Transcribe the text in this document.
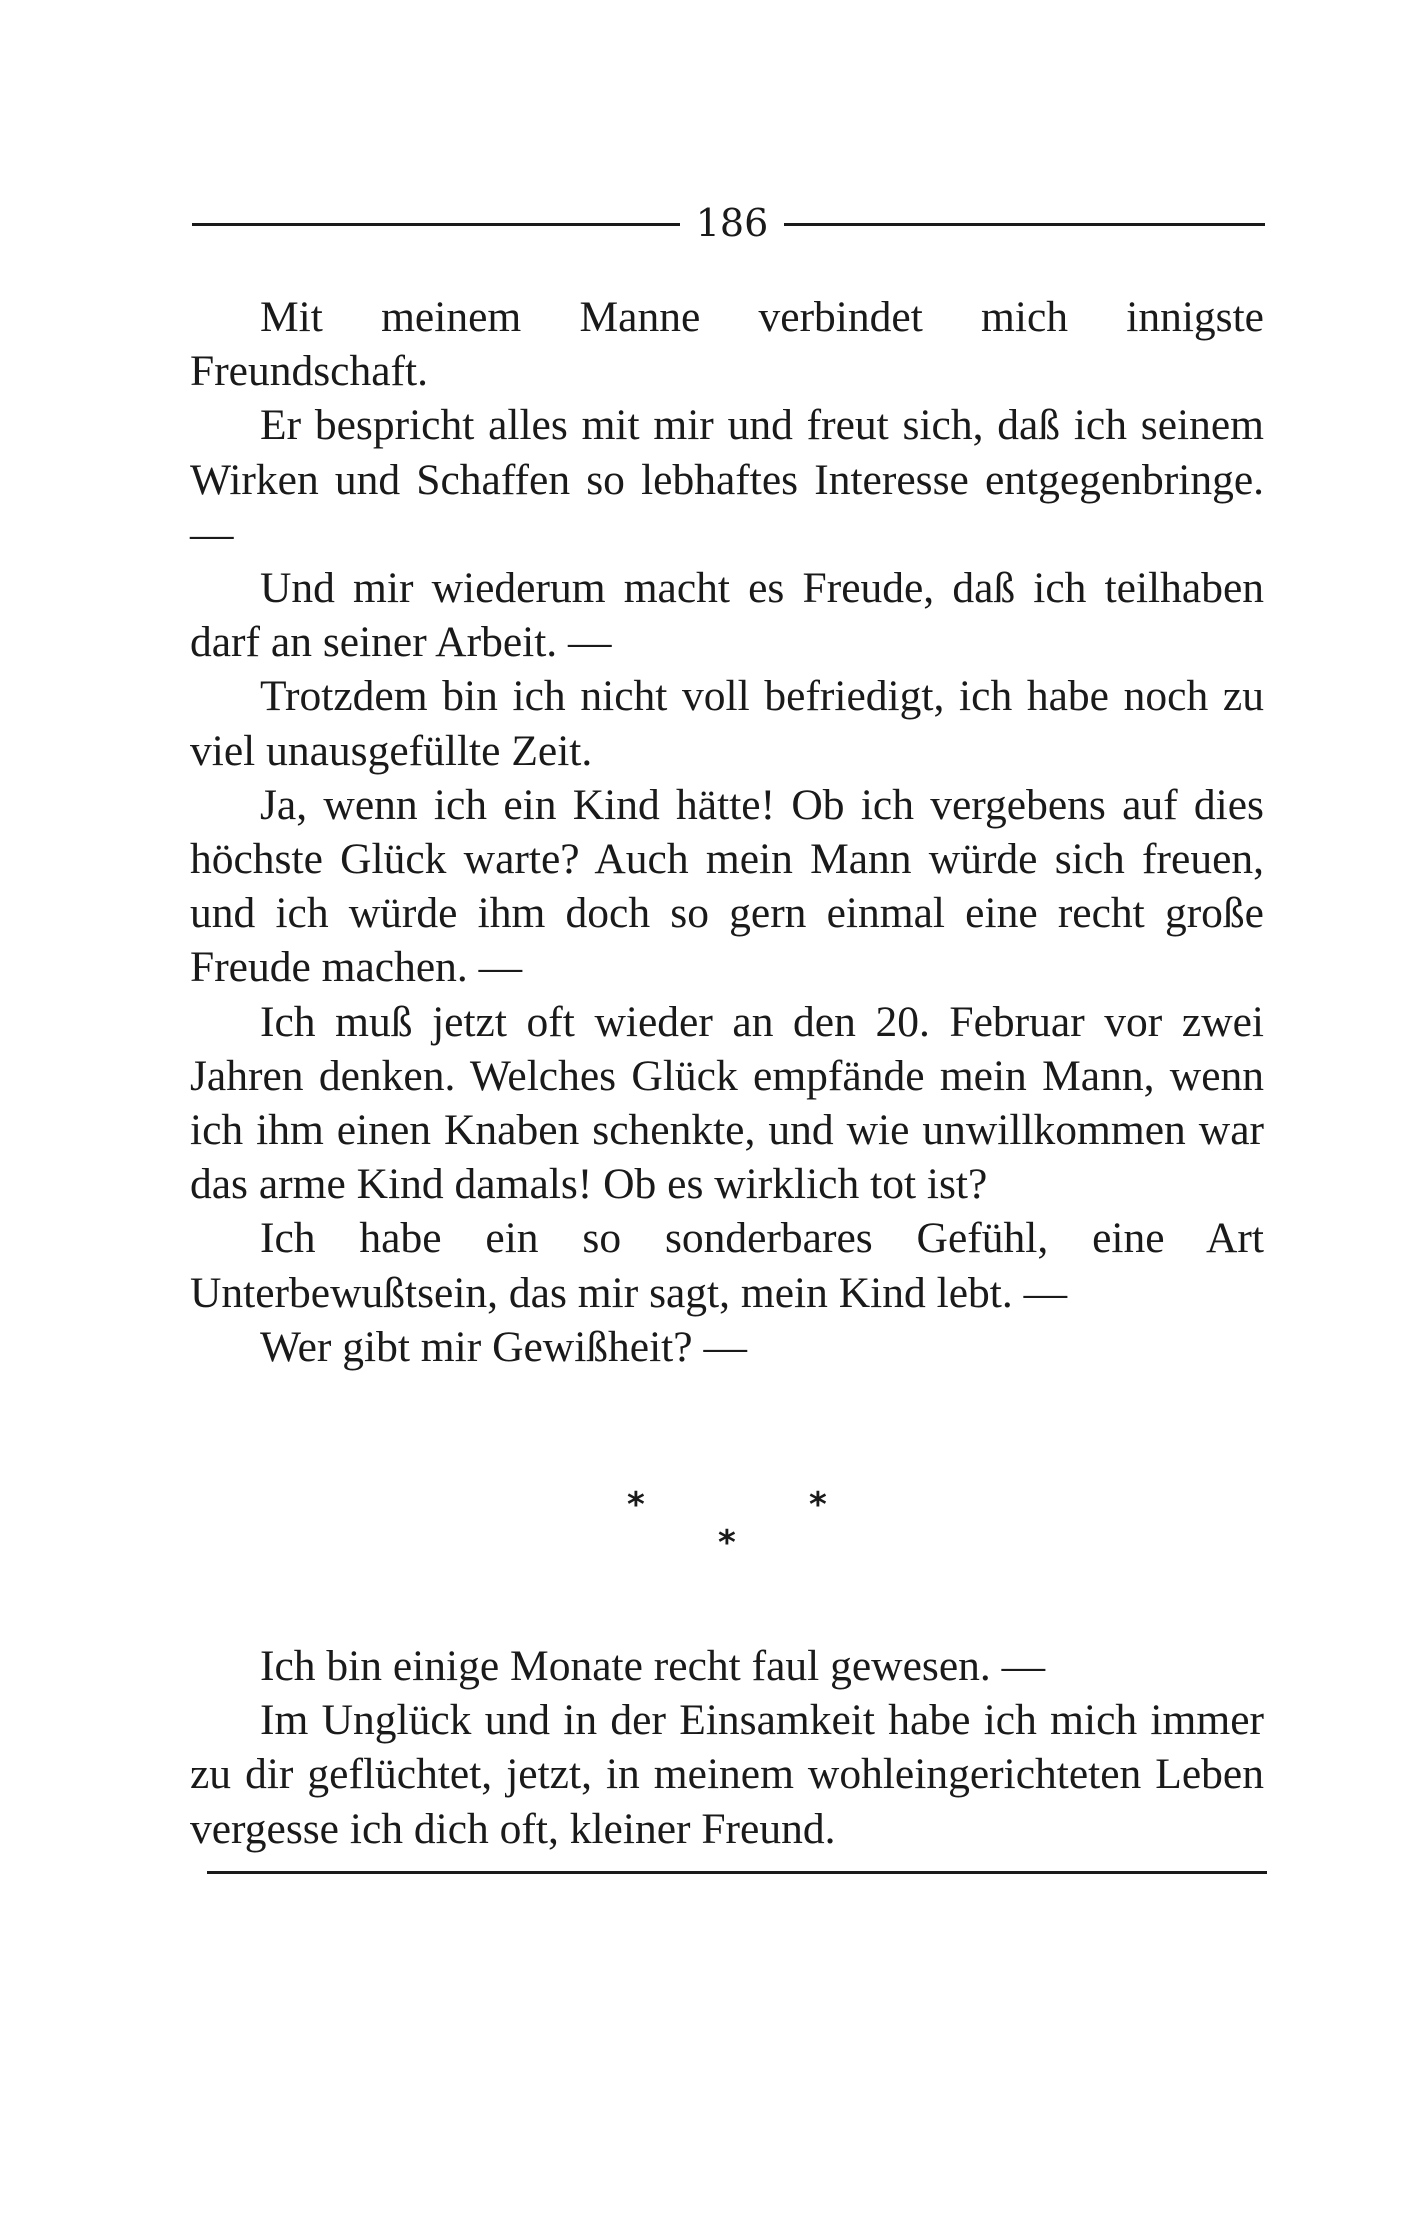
186

Mit meinem Manne verbindet mich innigste Freundschaft.

Er bespricht alles mit mir und freut sich, daß ich seinem Wirken und Schaffen so lebhaftes Interesse entgegenbringe. —

Und mir wiederum macht es Freude, daß ich teilhaben darf an seiner Arbeit. —

Trotzdem bin ich nicht voll befriedigt, ich habe noch zu viel unausgefüllte Zeit.

Ja, wenn ich ein Kind hätte! Ob ich vergebens auf dies höchste Glück warte? Auch mein Mann würde sich freuen, und ich würde ihm doch so gern einmal eine recht große Freude machen. —

Ich muß jetzt oft wieder an den 20. Februar vor zwei Jahren denken. Welches Glück empfände mein Mann, wenn ich ihm einen Knaben schenkte, und wie unwillkommen war das arme Kind damals! Ob es wirklich tot ist?

Ich habe ein so sonderbares Gefühl, eine Art Unterbewußtsein, das mir sagt, mein Kind lebt. —

Wer gibt mir Gewißheit? —

*	*
*

Ich bin einige Monate recht faul gewesen. —

Im Unglück und in der Einsamkeit habe ich mich immer zu dir geflüchtet, jetzt, in meinem wohleingerichteten Leben vergesse ich dich oft, kleiner Freund.
